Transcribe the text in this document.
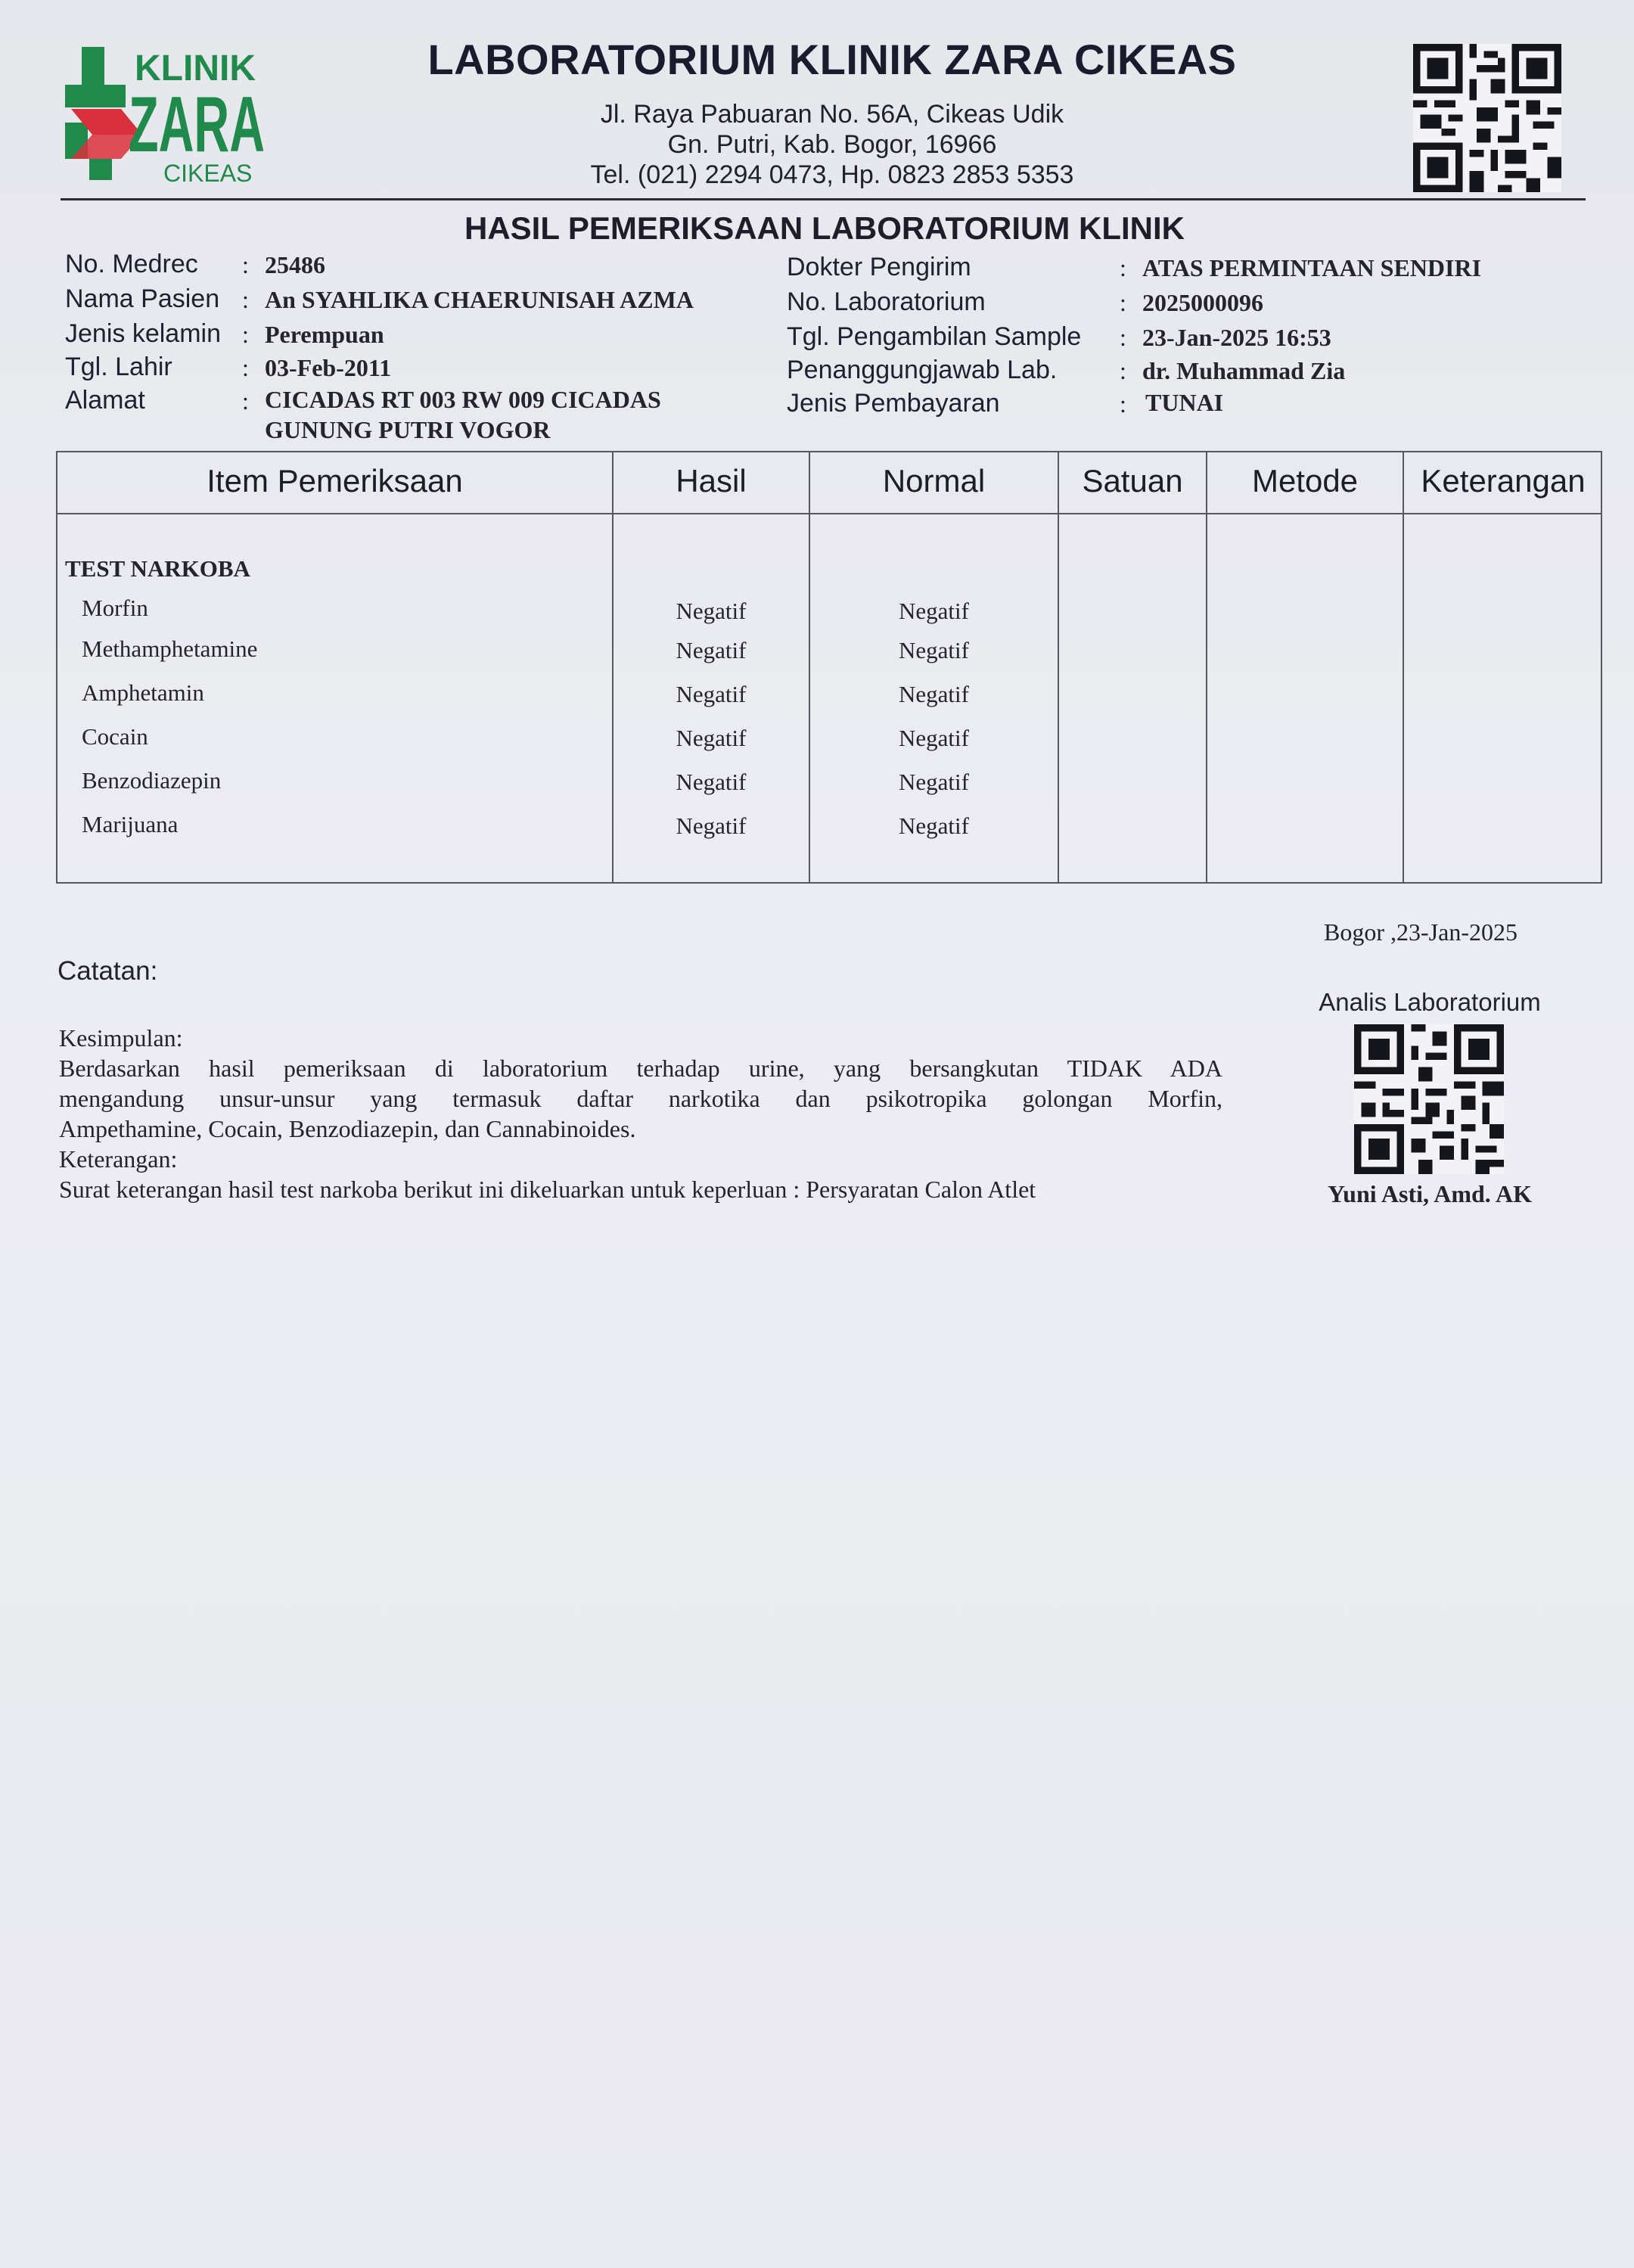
KLINIK
ZARA
CIKEAS
LABORATORIUM KLINIK ZARA CIKEAS
Jl. Raya Pabuaran No. 56A, Cikeas Udik
Gn. Putri, Kab. Bogor, 16966
Tel. (021) 2294 0473, Hp. 0823 2853 5353
HASIL PEMERIKSAAN LABORATORIUM KLINIK
No. Medrec : 25486
Nama Pasien : An SYAHLIKA CHAERUNISAH AZMA
Jenis kelamin : Perempuan
Tgl. Lahir	: 03-Feb-2011
Alamat	: CICADAS RT 003 RW 009 CICADAS
GUNUNG PUTRI VOGOR
Dokter Pengirim	: ATAS PERMINTAAN SENDIRI
No. Laboratorium	: 2025000096
Tgl. Pengambilan Sample : 23-Jan-2025 16:53
Penanggungjawab Lab.	: dr. Muhammad Zia
Jenis Pembayaran	: TUNAI
Item Pemeriksaan	Hasil	Normal	Satuan	Metode	Keterangan
TEST NARKOBA
Morfin	Negatif	Negatif
Methamphetamine	Negatif	Negatif
Amphetamin	Negatif	Negatif
Cocain	Negatif	Negatif
Benzodiazepin	Negatif	Negatif
Marijuana	Negatif	Negatif
Bogor ,23-Jan-2025
Catatan:
Analis Laboratorium
Yuni Asti, Amd. AK
Kesimpulan:
Berdasarkan hasil pemeriksaan di laboratorium terhadap urine, yang bersangkutan TIDAK ADA
mengandung unsur-unsur yang termasuk daftar narkotika dan psikotropika golongan Morfin,
Ampethamine, Cocain, Benzodiazepin, dan Cannabinoides.
Keterangan:
Surat keterangan hasil test narkoba berikut ini dikeluarkan untuk keperluan : Persyaratan Calon Atlet
